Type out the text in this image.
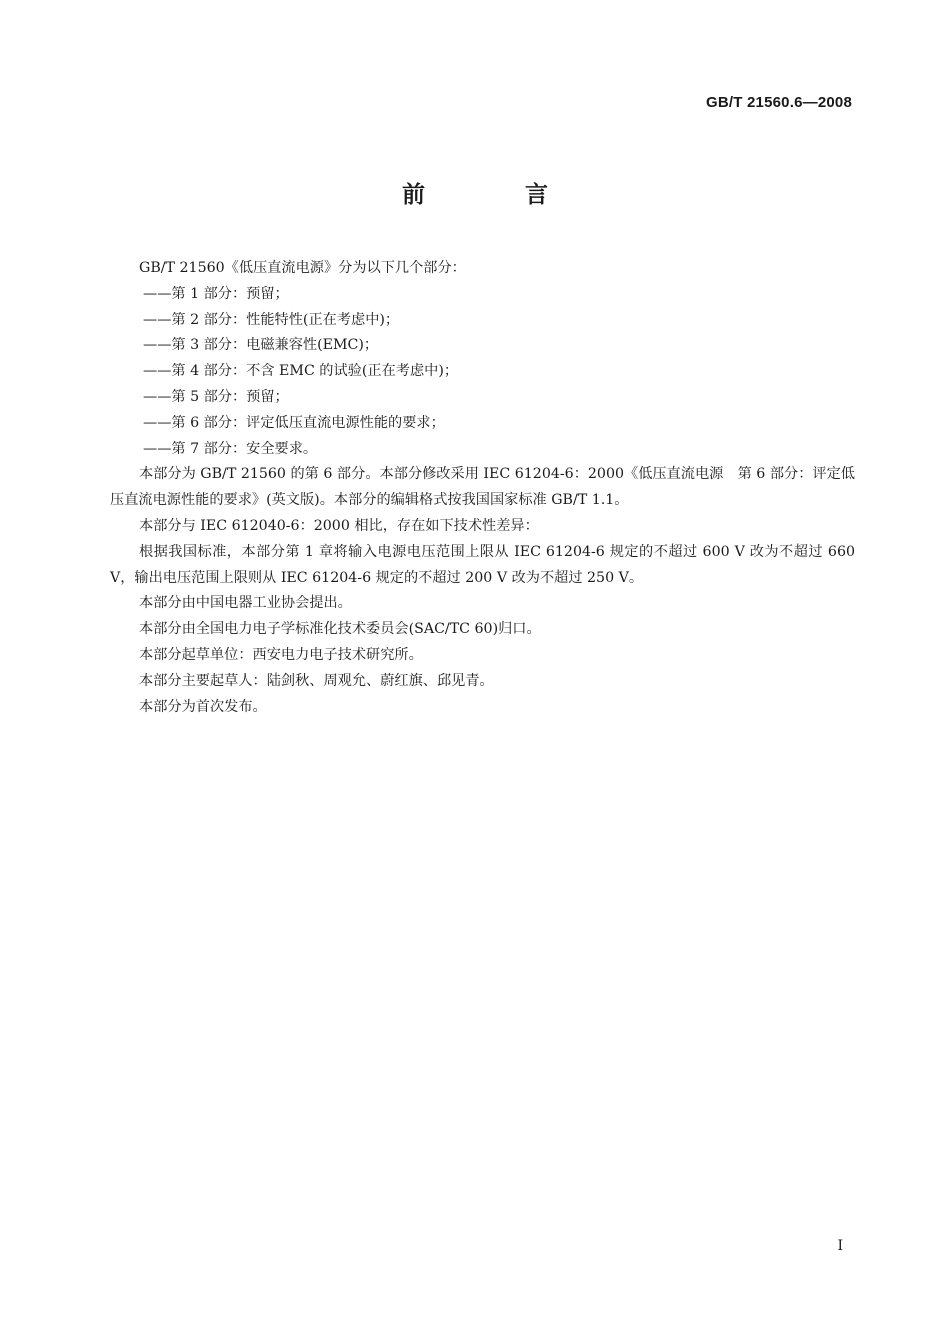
GB/T 21560.6—2008
前 言

GB/T 21560《低压直流电源》分为以下几个部分：

——第 1 部分：预留；

——第 2 部分：性能特性(正在考虑中)；

——第 3 部分：电磁兼容性(EMC)；

——第 4 部分：不含 EMC 的试验(正在考虑中)；

——第 5 部分：预留；

——第 6 部分：评定低压直流电源性能的要求；

——第 7 部分：安全要求。

本部分为 GB/T 21560 的第 6 部分。本部分修改采用 IEC 61204-6：2000《低压直流电源　第 6 部分：评定低压直流电源性能的要求》(英文版)。本部分的编辑格式按我国国家标准 GB/T 1.1。

本部分与 IEC 612040-6：2000 相比，存在如下技术性差异：

根据我国标准，本部分第 1 章将输入电源电压范围上限从 IEC 61204-6 规定的不超过 600 V 改为不超过 660 V，输出电压范围上限则从 IEC 61204-6 规定的不超过 200 V 改为不超过 250 V。

本部分由中国电器工业协会提出。

本部分由全国电力电子学标准化技术委员会(SAC/TC 60)归口。

本部分起草单位：西安电力电子技术研究所。

本部分主要起草人：陆剑秋、周观允、蔚红旗、邱见青。

本部分为首次发布。

I
